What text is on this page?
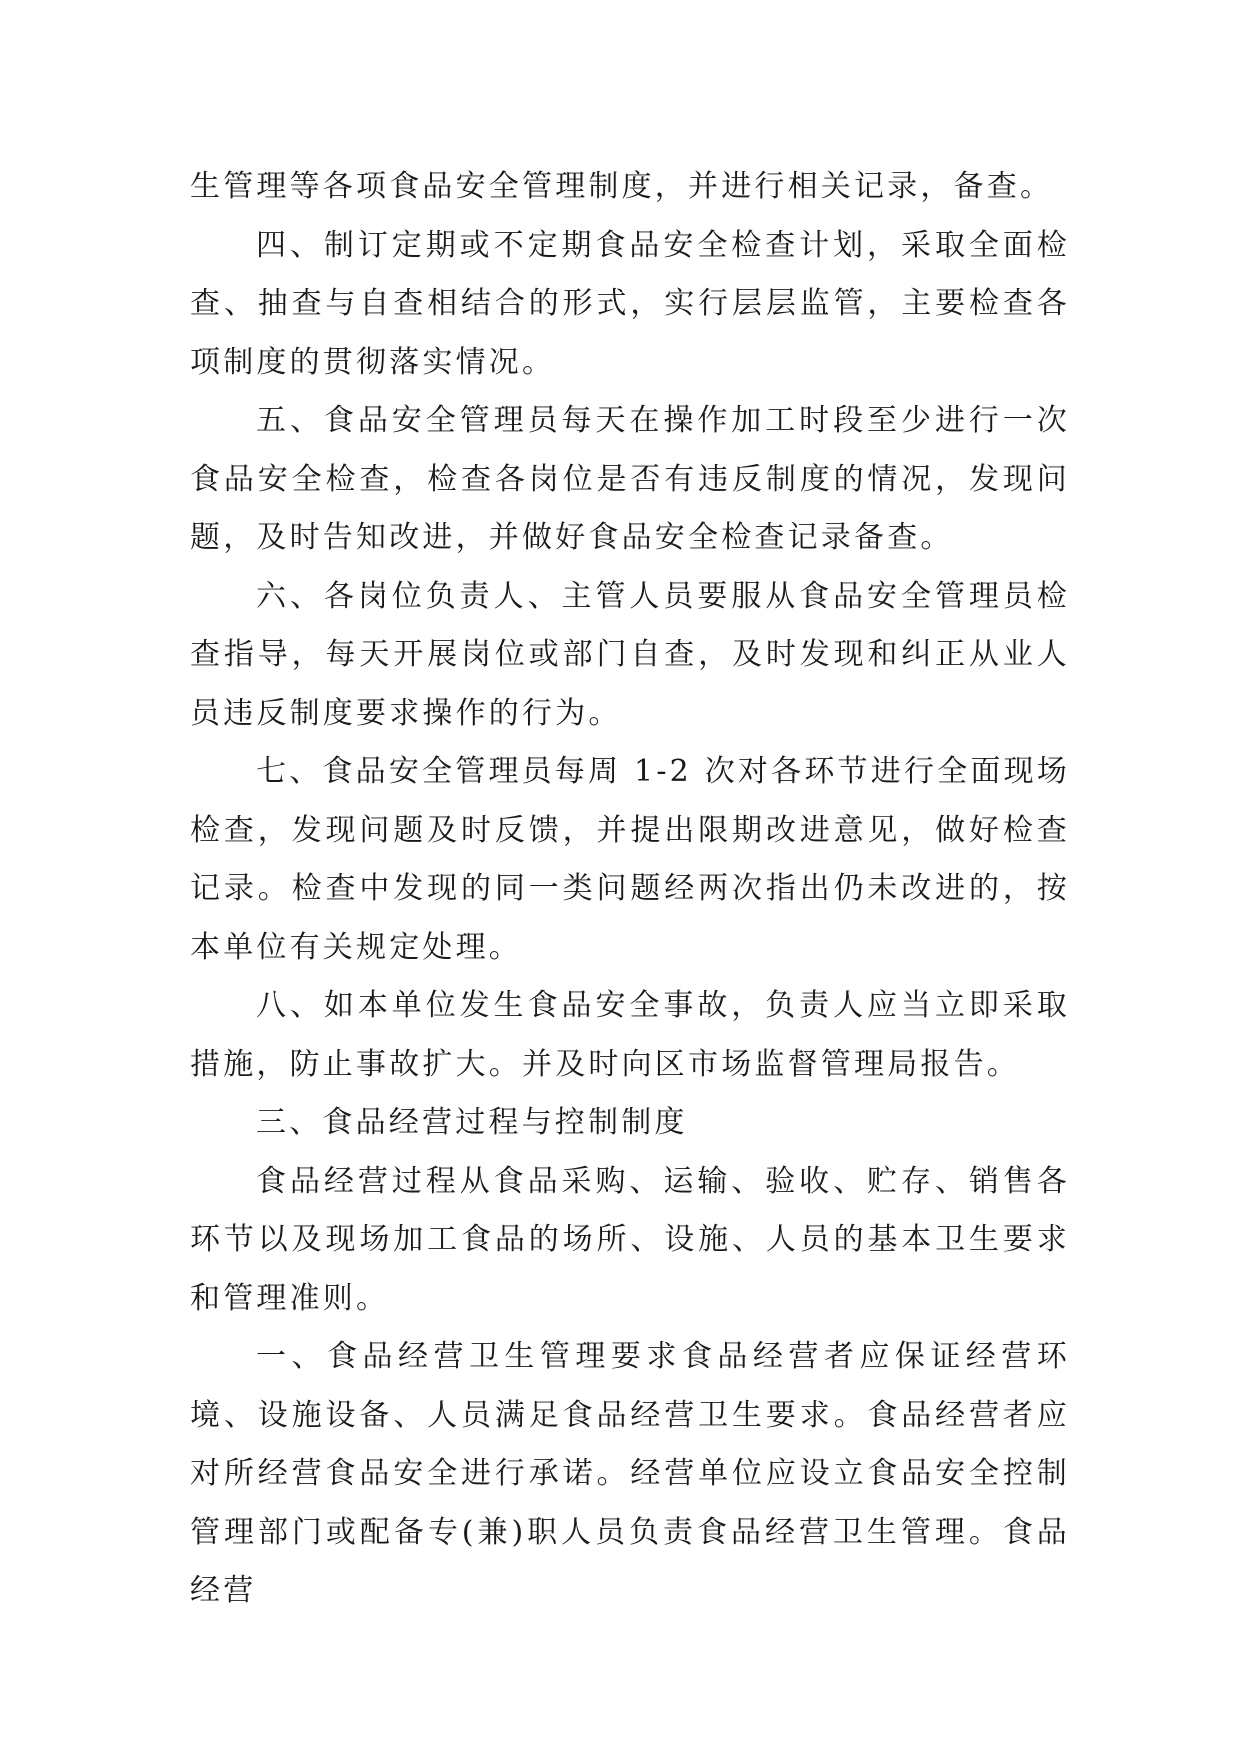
生管理等各项食品安全管理制度，并进行相关记录，备查。

四、制订定期或不定期食品安全检查计划，采取全面检查、抽查与自查相结合的形式，实行层层监管，主要检查各项制度的贯彻落实情况。

五、食品安全管理员每天在操作加工时段至少进行一次食品安全检查，检查各岗位是否有违反制度的情况，发现问题，及时告知改进，并做好食品安全检查记录备查。

六、各岗位负责人、主管人员要服从食品安全管理员检查指导，每天开展岗位或部门自查，及时发现和纠正从业人员违反制度要求操作的行为。

七、食品安全管理员每周 1-2 次对各环节进行全面现场检查，发现问题及时反馈，并提出限期改进意见，做好检查记录。检查中发现的同一类问题经两次指出仍未改进的，按本单位有关规定处理。

八、如本单位发生食品安全事故，负责人应当立即采取措施，防止事故扩大。并及时向区市场监督管理局报告。

三、食品经营过程与控制制度

食品经营过程从食品采购、运输、验收、贮存、销售各环节以及现场加工食品的场所、设施、人员的基本卫生要求和管理准则。

一、食品经营卫生管理要求食品经营者应保证经营环境、设施设备、人员满足食品经营卫生要求。食品经营者应对所经营食品安全进行承诺。经营单位应设立食品安全控制管理部门或配备专(兼)职人员负责食品经营卫生管理。食品经营
